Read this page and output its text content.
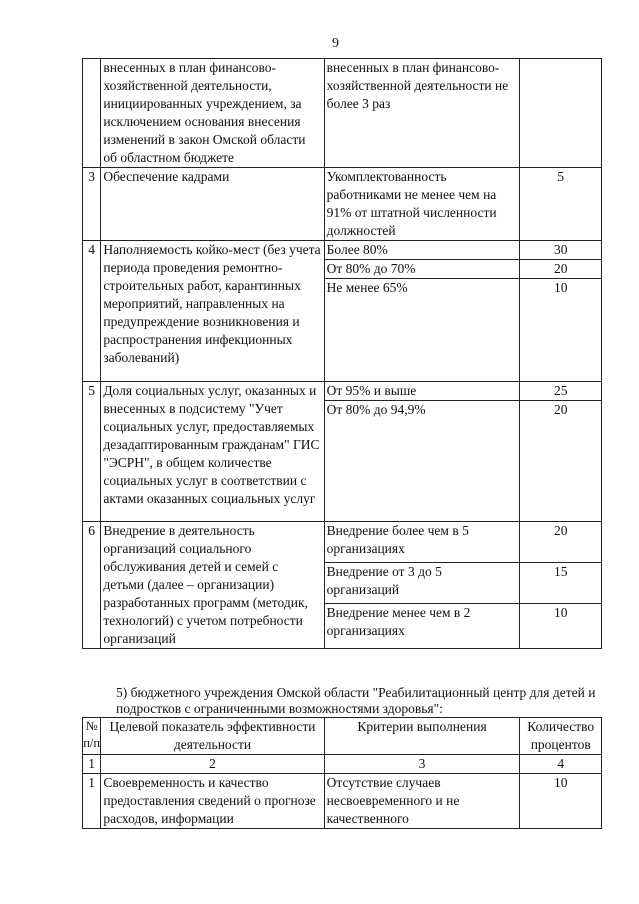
9
	внесенных в план финансово-хозяйственной деятельности, инициированных учреждением, за исключением основания внесения изменений в закон Омской области об областном бюджете	внесенных в план финансово-хозяйственной деятельности не более 3 раз	
3	Обеспечение кадрами	Укомплектованность работниками не менее чем на 91% от штатной численности должностей	5
4	Наполняемость койко-мест (без учета периода проведения ремонтно-строительных работ, карантинных мероприятий, направленных на предупреждение возникновения и распространения инфекционных заболеваний)	Более 80%	30
		От 80% до 70%	20
		Не менее 65%	10
5	Доля социальных услуг, оказанных и внесенных в подсистему "Учет социальных услуг, предоставляемых дезадаптированным гражданам" ГИС "ЭСРН", в общем количестве социальных услуг в соответствии с актами оказанных социальных услуг	От 95% и выше	25
		От 80% до 94,9%	20
6	Внедрение в деятельность организаций социального обслуживания детей и семей с детьми (далее – организации) разработанных программ (методик, технологий) с учетом потребности организаций	Внедрение более чем в 5 организациях	20
		Внедрение от 3 до 5 организаций	15
		Внедрение менее чем в 2 организациях	10
5) бюджетного учреждения Омской области "Реабилитационный центр для детей и подростков с ограниченными возможностями здоровья":
№ п/п	Целевой показатель эффективности деятельности	Критерии выполнения	Количество процентов
1	2	3	4
1	Своевременность и качество предоставления сведений о прогнозе расходов, информации	Отсутствие случаев несвоевременного и не качественного	10
